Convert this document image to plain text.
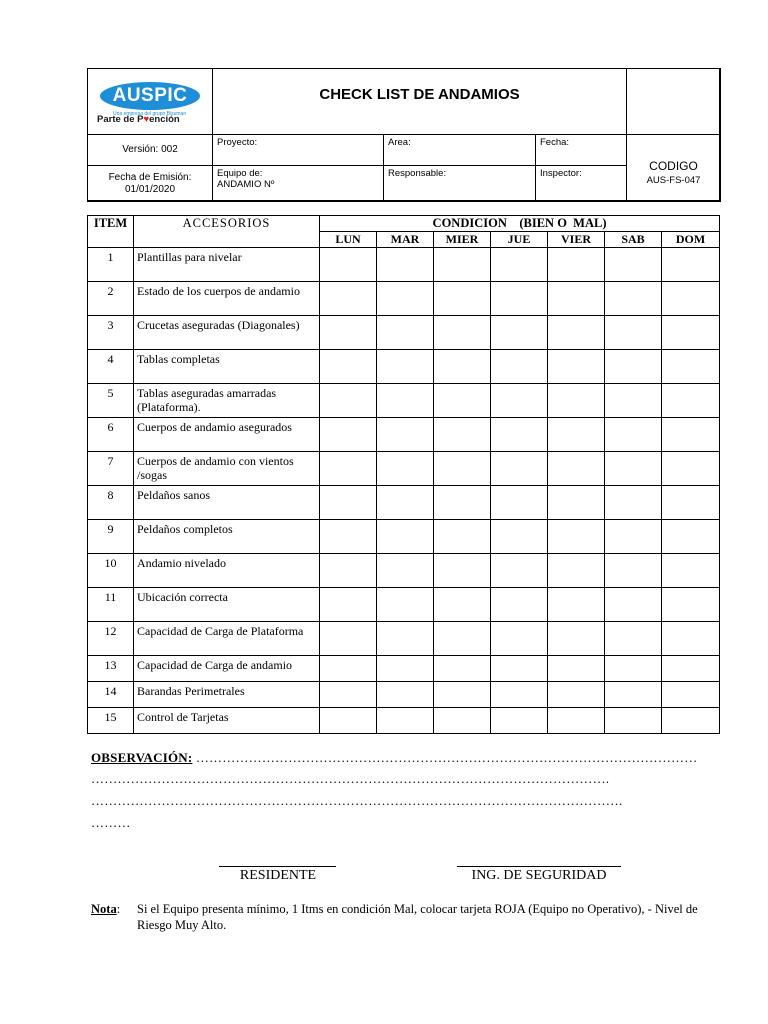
AUSPIC
Una empresa del grupo Bisuman
Parte de P♥ención
CHECK LIST DE ANDAMIOS
Versión: 002
Fecha de Emisión:
01/01/2020
Proyecto:	Area:	Fecha:
Equipo de:
ANDAMIO Nº
Responsable:	Inspector:
CODIGO
AUS-FS-047
ITEM	ACCESORIOS	CONDICION    (BIEN O  MAL)						
		LUN	MAR	MIER	JUE	VIER	SAB	DOM
1	Plantillas para nivelar							
2	Estado de los cuerpos de andamio							
3	Crucetas aseguradas (Diagonales)							
4	Tablas completas							
5	Tablas aseguradas amarradas (Plataforma).							
6	Cuerpos de andamio asegurados							
7	Cuerpos de andamio con vientos /sogas							
8	Peldaños sanos							
9	Peldaños completos							
10	Andamio nivelado							
11	Ubicación correcta							
12	Capacidad de Carga de Plataforma							
13	Capacidad de Carga de andamio							
14	Barandas Perimetrales							
15	Control de Tarjetas							
OBSERVACIÓN: ……………………………………………………………………………………………………
……………………………………………………………………………………………………….
………………………………………………………………………………………………………….
………
RESIDENTE	ING. DE SEGURIDAD
Nota:	Si el Equipo presenta mínimo, 1 Itms en condición Mal, colocar tarjeta ROJA (Equipo no Operativo), - Nivel de Riesgo Muy Alto.
